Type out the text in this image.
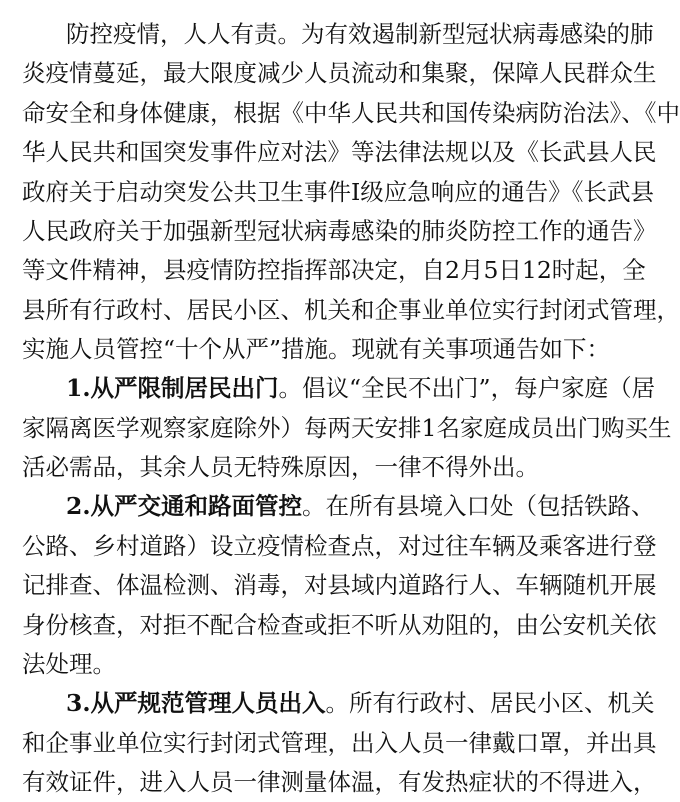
防控疫情，人人有责。为有效遏制新型冠状病毒感染的肺
炎疫情蔓延，最大限度减少人员流动和集聚，保障人民群众生
命安全和身体健康，根据《中华人民共和国传染病防治法》、《中
华人民共和国突发事件应对法》等法律法规以及《长武县人民
政府关于启动突发公共卫生事件Ⅰ级应急响应的通告》《长武县
人民政府关于加强新型冠状病毒感染的肺炎防控工作的通告》
等文件精神，县疫情防控指挥部决定，自2月5日12时起，全
县所有行政村、居民小区、机关和企事业单位实行封闭式管理，
实施人员管控“十个从严”措施。现就有关事项通告如下：
1.从严限制居民出门。倡议“全民不出门”，每户家庭（居
家隔离医学观察家庭除外）每两天安排1名家庭成员出门购买生
活必需品，其余人员无特殊原因，一律不得外出。
2.从严交通和路面管控。在所有县境入口处（包括铁路、
公路、乡村道路）设立疫情检查点，对过往车辆及乘客进行登
记排查、体温检测、消毒，对县域内道路行人、车辆随机开展
身份核查，对拒不配合检查或拒不听从劝阻的，由公安机关依
法处理。
3.从严规范管理人员出入。所有行政村、居民小区、机关
和企事业单位实行封闭式管理，出入人员一律戴口罩，并出具
有效证件，进入人员一律测量体温，有发热症状的不得进入，
